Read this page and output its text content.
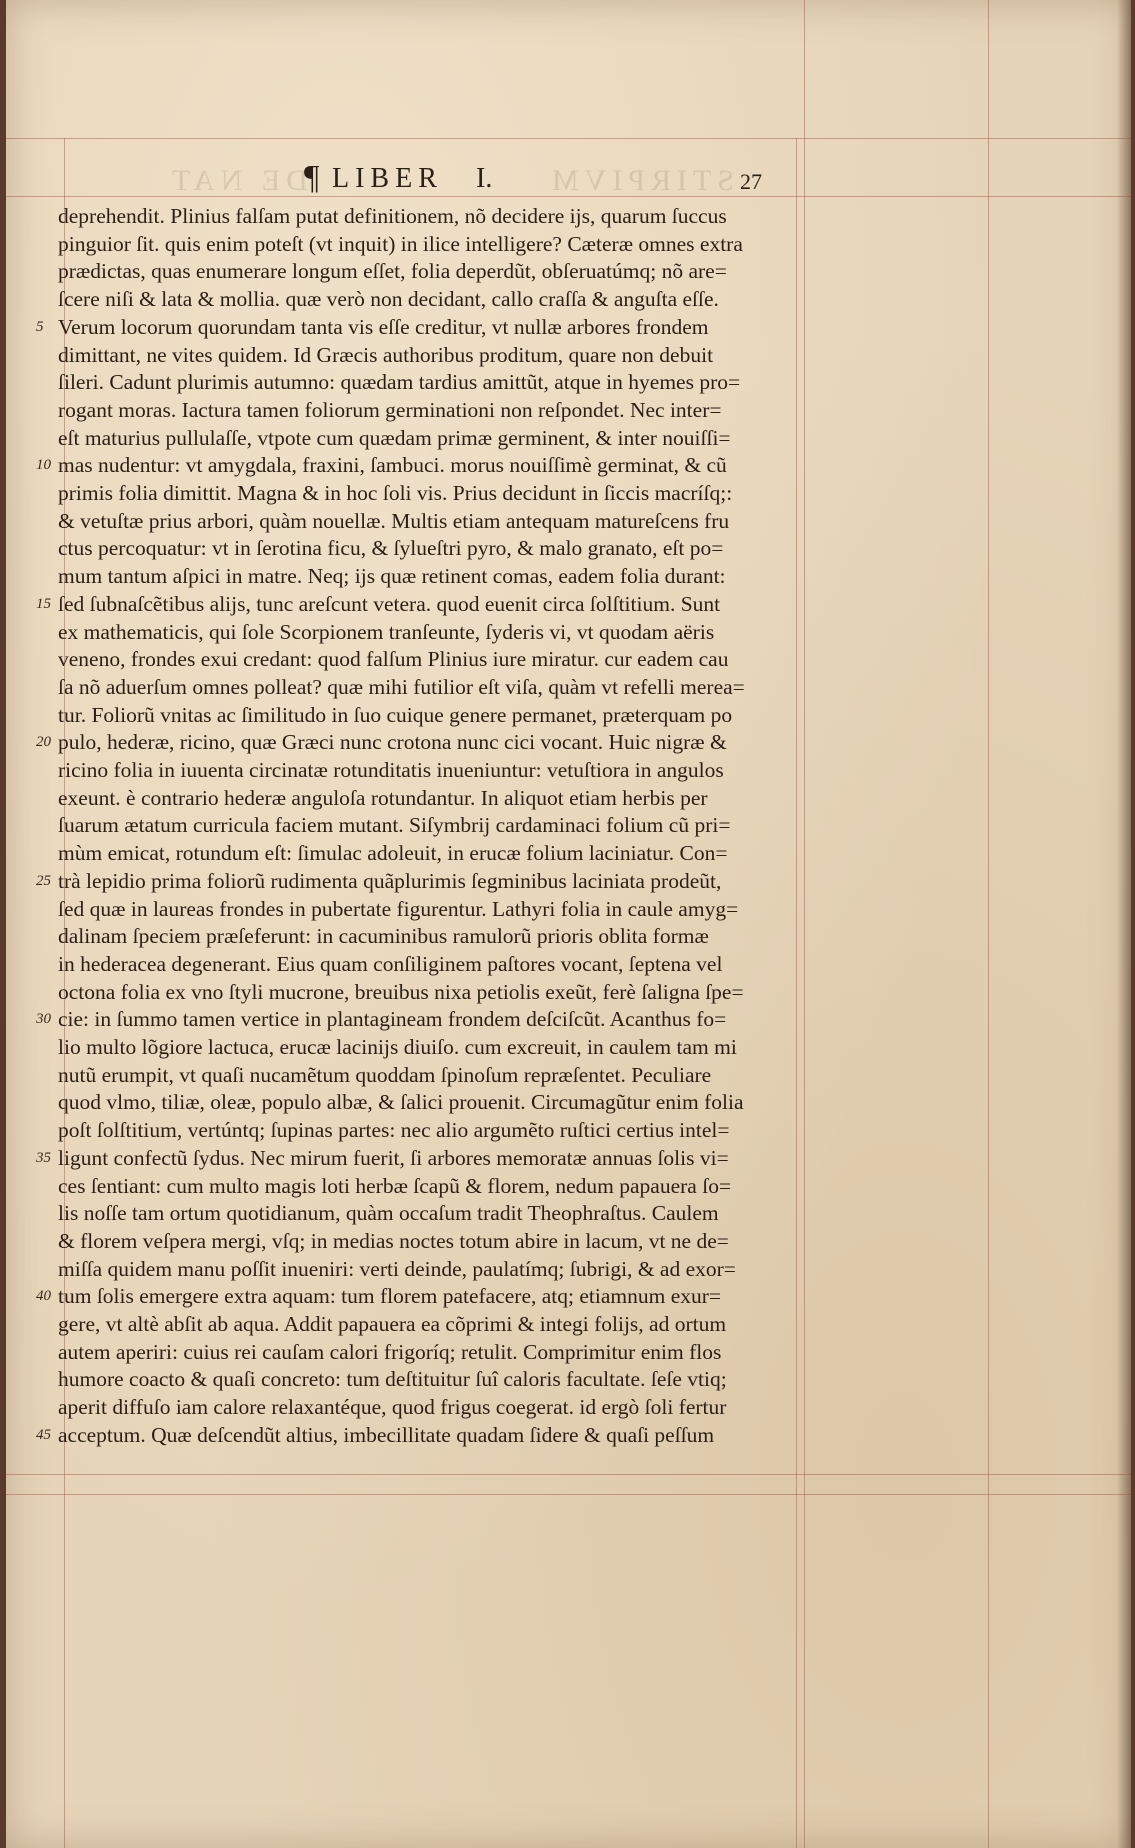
DE NAT	STIRPIVM
¶ LIBER I.	27
deprehendit. Plinius falſam putat definitionem, nõ decidere ijs, quarum ſuccus
pinguior ſit. quis enim poteſt (vt inquit) in ilice intelligere? Cæteræ omnes extra
prædictas, quas enumerare longum eſſet, folia deperdũt, obſeruatúmq; nõ are=
ſcere niſi & lata & mollia. quæ verò non decidant, callo craſſa & anguſta eſſe.
5 Verum locorum quorundam tanta vis eſſe creditur, vt nullæ arbores frondem
dimittant, ne vites quidem. Id Græcis authoribus proditum, quare non debuit
ſileri. Cadunt plurimis autumno: quædam tardius amittũt, atque in hyemes pro=
rogant moras. Iactura tamen foliorum germinationi non reſpondet. Nec inter=
eſt maturius pullulaſſe, vtpote cum quædam primæ germinent, & inter nouiſſi=
10 mas nudentur: vt amygdala, fraxini, ſambuci. morus nouiſſimè germinat, & cũ
primis folia dimittit. Magna & in hoc ſoli vis. Prius decidunt in ſiccis macríſq;:
& vetuſtæ prius arbori, quàm nouellæ. Multis etiam antequam matureſcens fru
ctus percoquatur: vt in ſerotina ficu, & ſylueſtri pyro, & malo granato, eſt po=
mum tantum aſpici in matre. Neq; ijs quæ retinent comas, eadem folia durant:
15 ſed ſubnaſcẽtibus alijs, tunc areſcunt vetera. quod euenit circa ſolſtitium. Sunt
ex mathematicis, qui ſole Scorpionem tranſeunte, ſyderis vi, vt quodam aëris
veneno, frondes exui credant: quod falſum Plinius iure miratur. cur eadem cau
ſa nõ aduerſum omnes polleat? quæ mihi futilior eſt viſa, quàm vt refelli merea=
tur. Foliorũ vnitas ac ſimilitudo in ſuo cuique genere permanet, præterquam po
20 pulo, hederæ, ricino, quæ Græci nunc crotona nunc cici vocant. Huic nigræ &
ricino folia in iuuenta circinatæ rotunditatis inueniuntur: vetuſtiora in angulos
exeunt. è contrario hederæ anguloſa rotundantur. In aliquot etiam herbis per
ſuarum ætatum curricula faciem mutant. Siſymbrij cardaminaci folium cũ pri=
mùm emicat, rotundum eſt: ſimulac adoleuit, in erucæ folium laciniatur. Con=
25 trà lepidio prima foliorũ rudimenta quãplurimis ſegminibus laciniata prodeũt,
ſed quæ in laureas frondes in pubertate figurentur. Lathyri folia in caule amyg=
dalinam ſpeciem præſeferunt: in cacuminibus ramulorũ prioris oblita formæ
in hederacea degenerant. Eius quam conſiliginem paſtores vocant, ſeptena vel
octona folia ex vno ſtyli mucrone, breuibus nixa petiolis exeũt, ferè ſaligna ſpe=
30 cie: in ſummo tamen vertice in plantagineam frondem deſciſcũt. Acanthus fo=
lio multo lõgiore lactuca, erucæ lacinijs diuiſo. cum excreuit, in caulem tam mi
nutũ erumpit, vt quaſi nucamẽtum quoddam ſpinoſum repræſentet. Peculiare
quod vlmo, tiliæ, oleæ, populo albæ, & ſalici prouenit. Circumagũtur enim folia
poſt ſolſtitium, vertúntq; ſupinas partes: nec alio argumẽto ruſtici certius intel=
35 ligunt confectũ ſydus. Nec mirum fuerit, ſi arbores memoratæ annuas ſolis vi=
ces ſentiant: cum multo magis loti herbæ ſcapũ & florem, nedum papauera ſo=
lis noſſe tam ortum quotidianum, quàm occaſum tradit Theophraſtus. Caulem
& florem veſpera mergi, vſq; in medias noctes totum abire in lacum, vt ne de=
miſſa quidem manu poſſit inueniri: verti deinde, paulatímq; ſubrigi, & ad exor=
40 tum ſolis emergere extra aquam: tum florem patefacere, atq; etiamnum exur=
gere, vt altè abſit ab aqua. Addit papauera ea cõprimi & integi folijs, ad ortum
autem aperiri: cuius rei cauſam calori frigoríq; retulit. Comprimitur enim flos
humore coacto & quaſi concreto: tum deſtituitur ſuî caloris facultate. ſeſe vtiq;
aperit diffuſo iam calore relaxantéque, quod frigus coegerat. id ergò ſoli fertur
45 acceptum. Quæ deſcendũt altius, imbecillitate quadam ſidere & quaſi peſſum
